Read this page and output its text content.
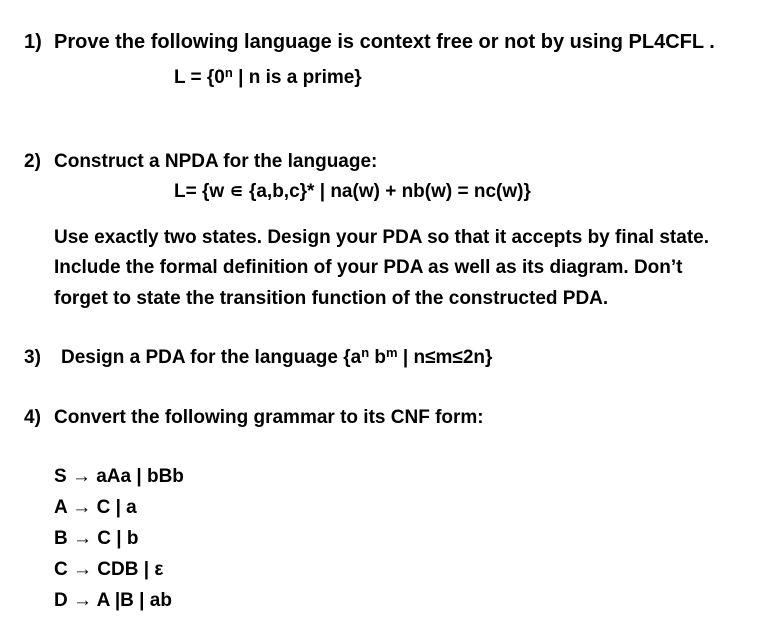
1) Prove the following language is context free or not by using PL4CFL .
$L = \{0^n$ | n is a prime}
2) Construct a NPDA for the language:
L= {w ∊ {a,b,c}* | na(w) + nb(w) = nc(w)}
Use exactly two states. Design your PDA so that it accepts by final state.
Include the formal definition of your PDA as well as its diagram. Don’t
forget to state the transition function of the constructed PDA.
3) Design a PDA for the language {$a^n$ $b^m$ | n≤m≤2n}
4) Convert the following grammar to its CNF form:
S → aAa | bBb
A → C | a
B → C | b
C → CDB | ε
D → A |B | ab
